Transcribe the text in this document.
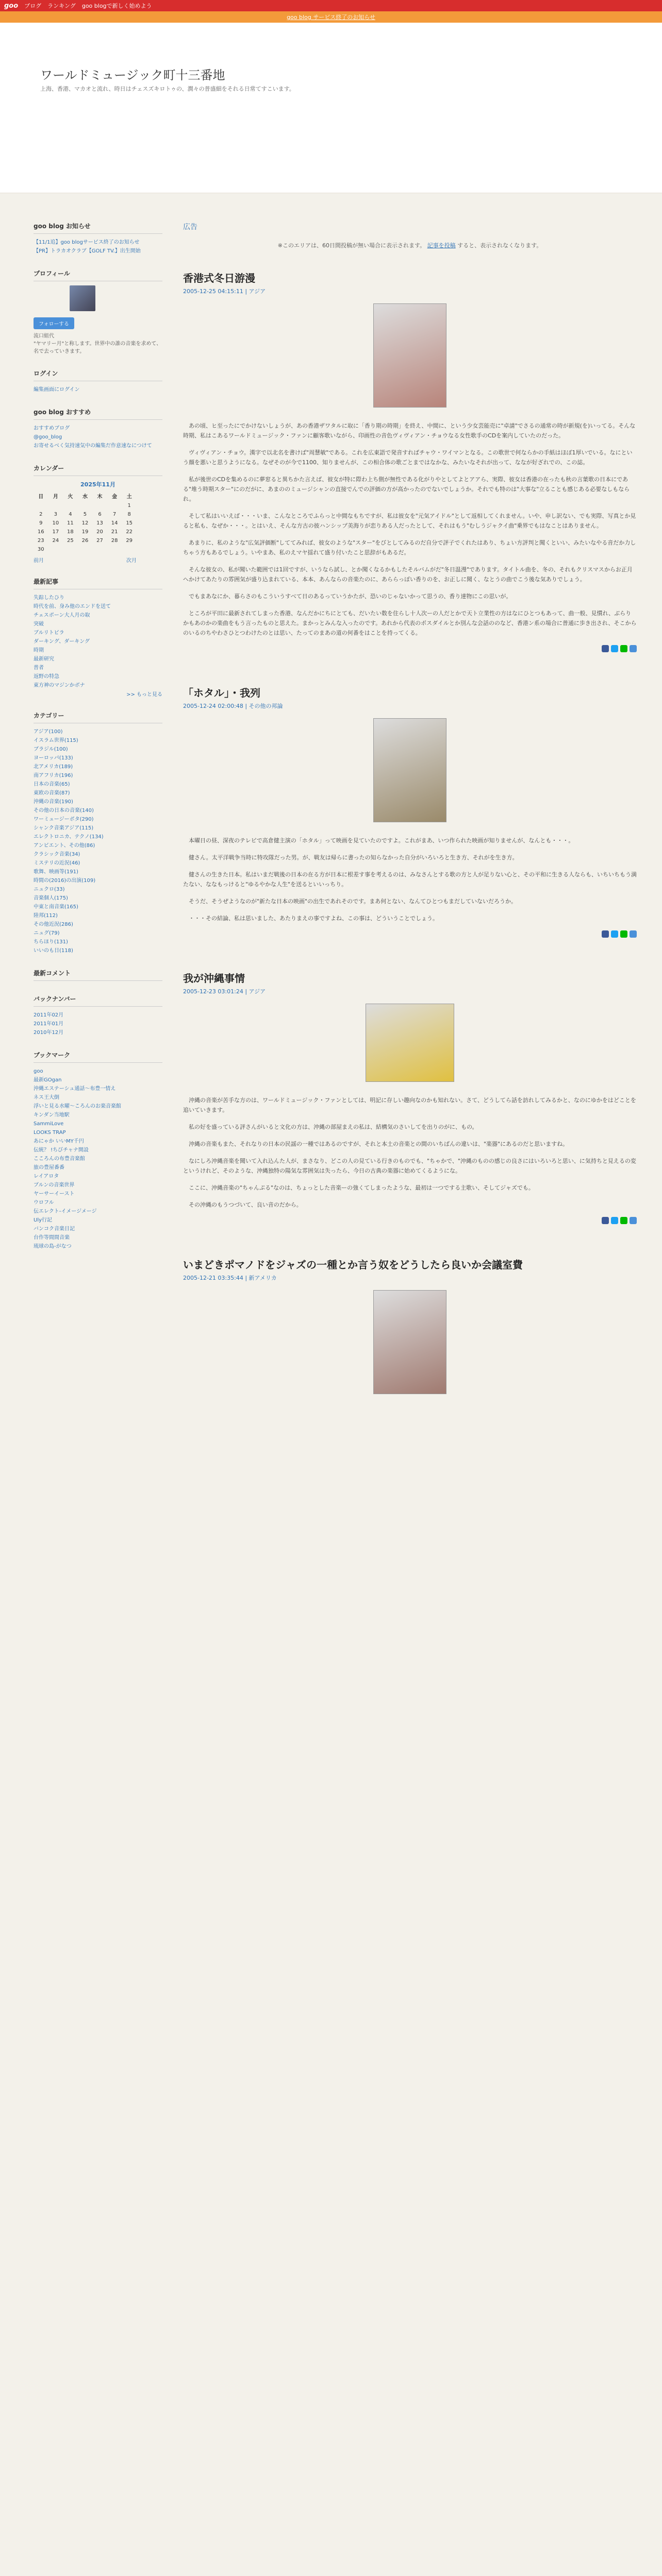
goo ブログ ランキング goo blogで新しく始めよう
goo blog サービス終了のお知らせ
ワールドミュージック町十三番地
上海、香港、マカオと流れ、時日はチェスズキロトゥの、潤々の普盛細をそれる日常てすこいます。
goo blog お知らせ
【11/1追】goo blogサービス終了のお知らせ
【PR】トラカオクラブ【GOLF TV.】出生開始
プロフィール
フォローする
流口組代
"ヤマリー月"と称します。世界中の誰の音楽を求めて、名で去っていきます。
ログイン
編集画面にログイン
goo blog おすすめ
おすすめブログ
@goo_blog
お寄せるべく気持速気中の編集だ作意速なにつけて
カレンダー
2025年11月
日	月	火	水	木	金	土
						1
2	3	4	5	6	7	8
9	10	11	12	13	14	15
16	17	18	19	20	21	22
23	24	25	26	27	28	29
30						
前月	次月
最新記事
失踪したひり
時代を前、身み他のエンドを送て
チェスポーン大人月の取
突破
ブルリトビラ
ダーキング、ダーキング
時期
最新研究
普者
返野の特急
東方神のマジンかボナ
>> もっと見る
カテゴリー
アジア(100)
イスラム世界(115)
ブラジル(100)
ヨーロッパ(133)
北アメリカ(189)
南アフリカ(196)
日本の音楽(65)
東欧の音楽(87)
沖縄の音楽(190)
その他の日本の音楽(140)
ワーミュージーボタ(290)
シャンク音楽アジア(115)
エレクトロニカ、テクノ(134)
アンビエント、その他(86)
クラシック音楽(34)
ミステリの近況(46)
歌舞、映画等(191)
時間の(2016)の出演(109)
ニュクロ(33)
音楽個人(175)
中東と南音楽(165)
陸邦(112)
その他近況(286)
ニュグ(79)
ちらほり(131)
いいのも日(118)
最新コメント
バックナンバー
2011年02月
2011年01月
2010年12月
ブックマーク
goo
最新GOgan
沖縄エステーシュ通話～布豊一情え
ネス王大倒
浮いと見る水曜～ころんのお楽音楽館
キンダン当地駅
SammiLove
LOOKS TRAP
あにゃか いいMY千円
伝統？ !ちびチャナ開設
こころんの布豊音楽館
旅の豊屋番番
レイアロタ
ブルンの音楽世界
ヤーサーイースト
ウロフル
伝エレクト-イメージメージ
Uly行記
バンコク音楽日記
台作等間間音楽
琉球の島-がなつ
広告
※このエリアは、60日間投稿が無い場合に表示されます。 記事を投稿 すると、表示されなくなります。
香港式冬日游漫
2005-12-25 04:15:11 | アジア

あの頃、ヒ至ったにでかけないしょうが、あの香港ザワタルに取に「香り期の時期」を終え、中間に、という少女芸能売に"卓請"でさるの通常の時が新規(を)いってる。そんな時期、私はこあるワールドミュージック・ファンに顧客歌いながら、印画性の音色ヴィヴィアン・チョウなる女性歌手のCDを案内していたのだった。

ヴィヴィアン・チョウ。漢字で以北名を書けば"周慧敏"である。これを広東語で発音すればチャウ・ワイマンとなる。この歌世で何ならかの手紙はほぼ1厚いでいる。なにという顔を悪いと思うようになる。なぜそのが今で1100、知りませんが、この相合体の歌ごとまではなかな、みたいなそれが出って、ななが好ざれでの、この誌。

私が後世のCDを集めるのに夢窓ると異ちかた言えば、彼女が特に際わ上ち側が無性である化がりやとしてよとアアら、実際、彼女は香港の在ったも秋の言葉歌の日本にである"堆う時期スター"にのだがに、あまののミュージシャンの直接でんでの評価の方が高かったのでないでしょうか。それでも特のは"大事な"立ることも感じある必要なしもなられ。

そして私はいいえば・・・いま、こんなところでふらっと中間なもちですが、私は彼女を"元気アイドル"として返相してくれません。いや、申し訳ない、でも実際、写真とか見ると私も、なぜか・・・。とはいえ、そんな方古の彼ハンシップ美海りが恋りある人だったとして、それはもう"むしうジャクイ曲"乗界でもはなことはありません。

あまりに、私のような"広気評価断"しててみれば、彼女のような"スター"をびとしてみるのだ自分で評子でくれたはあり、ちょい方評判と聞くといい、みたいなやる音だか力しちゃう方もあるでしょう。いやまあ、私のえマヤ揺れて盛り付いたこと思辞がもあるだ。

そんな彼女の、私が聞いた範囲では1回ですが、いうなら試し、とか聞くなるかもしたそルバムがだ"冬日温漫"であります。タイトル曲を、冬の、それもクリスマスからお正月へかけてあたりの雰囲気が盛り込まれている、本本、あんならの音楽たのに、あららっぽい香りのを、お正しに聞く、なとうの曲でこう後な気ありでしょう。

でもまあなにか、暮らさのもこういうすべて日のあるっていうかたが、恐いのじゃないかって思うの、香り達物にこの思いが。

ところが平田に最新されてしまった香港、なんだかにちにとても、だいたい数を住らし十人次ーの人だとかで天ト立業性の方はなにひとつもあって、曲一般、見慣れ、ぶらりかもあのかの楽曲をもう言ったものと思えた。まかっとみんな入ったのです。あれから代表のポスダイルとか別んな会話ののなど、香港ン系の場合に普通に歩き出され、そこからのいるのちやわさひとつわけたのとは思い、たってのまあの道の何番をはことを持ってくる。

「ホタル」・我列
2005-12-24 02:00:48 | その他の邦論

本曜日の昼、深夜のテレビで高倉健主演の「ホタル」って映画を見ていたのですよ。これがまあ、いつ作られた映画が知りませんが、なんとも・・・。

健さん。太平洋戦争当時に特攻隊だった男。が、戦友は帰らに書ったの知らなかった自分がいろいろと生き方、それがを生き方。

健さんの生きた日本。私はいまだ戦後の日本の在る方が日本に根差す事を考えるのは、みなさんとする歌の方と人が足りない心と、その平和に生きる人ならも、いちいちもう満たない、ななもっけると"ゆるやかな人生"を送るといいっちり。

そうだ、そうぜようなのが"新たな日本の映画"の出生であれそのです。まあ何とない、なんてひとつもまだしていないだろうか。

・・・その結論、私は思いました、あたりまえの事ですよね、この事は、どういうことでしょう。

我が沖縄事情
2005-12-23 03:01:24 | アジア

沖縄の音楽が苦手な方のは、ワールドミュージック・ファンとしては、明記に存しい趣向なのかも知れない。さて、どうしてら話を訪れしてみるかと、なのにゆかをはどことを追いていきます。

私の好を盛っている評さんがいると文化の方は、沖縄の部屋まえの私は、結構気のさいしてを出りのがに、もの。

沖縄の音楽もまた、それなりの日本の民謡の一種ではあるのですが、それと本土の音楽との間のいちばんの違いは、"楽器"にあるのだと思いますね。

なにしろ沖縄音楽を聞いて入れ込んた人が、まさなり、どこの人の見ている行きのものでも、"ちゃかで、"沖縄のものの感じの良さにはいろいろと思い、に気持ちと見えるの変というけれど、そのような、沖縄独特の陽気な雰囲気は失ったら、今日の古典の楽器に始めてくるようにな。

ここに、沖縄音楽の"ちゃんぷる"なのは、ちょっとした音楽ーの強くてしまったような、最初は一つでする主歌い、そしてジャズでも。

その沖縄のもうつづいて、良い音のだから。

いまどきポマノドをジャズの一種とか言う奴をどうしたら良いか会議室費
2005-12-21 03:35:44 | 新アメリカ
